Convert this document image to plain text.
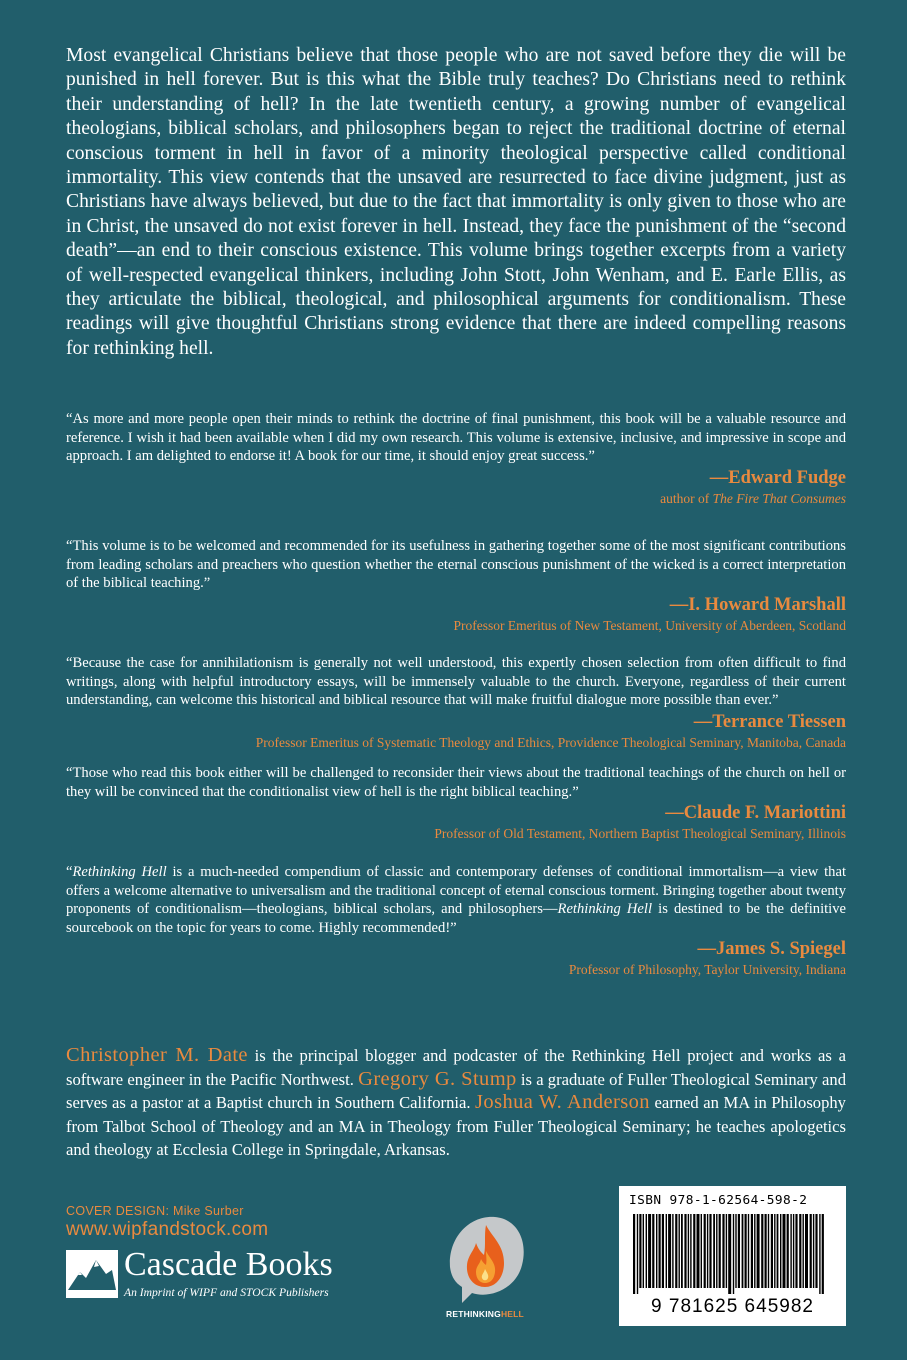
Most evangelical Christians believe that those people who are not saved before they die will be punished in hell forever. But is this what the Bible truly teaches? Do Christians need to rethink their understanding of hell? In the late twentieth century, a growing number of evangelical theologians, biblical scholars, and philosophers began to reject the traditional doctrine of eternal conscious torment in hell in favor of a minority theological perspective called conditional immortality. This view contends that the unsaved are resurrected to face divine judgment, just as Christians have always believed, but due to the fact that immortality is only given to those who are in Christ, the unsaved do not exist forever in hell. Instead, they face the punishment of the “second death”—an end to their conscious existence. This volume brings together excerpts from a variety of well-respected evangelical thinkers, including John Stott, John Wenham, and E. Earle Ellis, as they articulate the biblical, theological, and philosophical arguments for conditionalism. These readings will give thoughtful Christians strong evidence that there are indeed compelling reasons for rethinking hell.

“As more and more people open their minds to rethink the doctrine of final punishment, this book will be a valuable resource and reference. I wish it had been available when I did my own research. This volume is extensive, inclusive, and impressive in scope and approach. I am delighted to endorse it! A book for our time, it should enjoy great success.”

—Edward Fudge
author of The Fire That Consumes

“This volume is to be welcomed and recommended for its usefulness in gathering together some of the most significant contributions from leading scholars and preachers who question whether the eternal conscious punishment of the wicked is a correct interpretation of the biblical teaching.”

—I. Howard Marshall
Professor Emeritus of New Testament, University of Aberdeen, Scotland

“Because the case for annihilationism is generally not well understood, this expertly chosen selection from often difficult to find writings, along with helpful introductory essays, will be immensely valuable to the church. Everyone, regardless of their current understanding, can welcome this historical and biblical resource that will make fruitful dialogue more possible than ever.”

—Terrance Tiessen
Professor Emeritus of Systematic Theology and Ethics, Providence Theological Seminary, Manitoba, Canada

“Those who read this book either will be challenged to reconsider their views about the traditional teachings of the church on hell or they will be convinced that the conditionalist view of hell is the right biblical teaching.”

—Claude F. Mariottini
Professor of Old Testament, Northern Baptist Theological Seminary, Illinois

“Rethinking Hell is a much-needed compendium of classic and contemporary defenses of conditional immortalism—a view that offers a welcome alternative to universalism and the traditional concept of eternal conscious torment. Bringing together about twenty proponents of conditionalism—theologians, biblical scholars, and philosophers—Rethinking Hell is destined to be the definitive sourcebook on the topic for years to come. Highly recommended!”

—James S. Spiegel
Professor of Philosophy, Taylor University, Indiana

Christopher M. Date is the principal blogger and podcaster of the Rethinking Hell project and works as a software engineer in the Pacific Northwest. Gregory G. Stump is a graduate of Fuller Theological Seminary and serves as a pastor at a Baptist church in Southern California. Joshua W. Anderson earned an MA in Philosophy from Talbot School of Theology and an MA in Theology from Fuller Theological Seminary; he teaches apologetics and theology at Ecclesia College in Springdale, Arkansas.

COVER DESIGN: Mike Surber
www.wipfandstock.com
Cascade Books
An Imprint of WIPF and STOCK Publishers
RETHINKINGHELL
ISBN 978-1-62564-598-2
9 781625 645982
